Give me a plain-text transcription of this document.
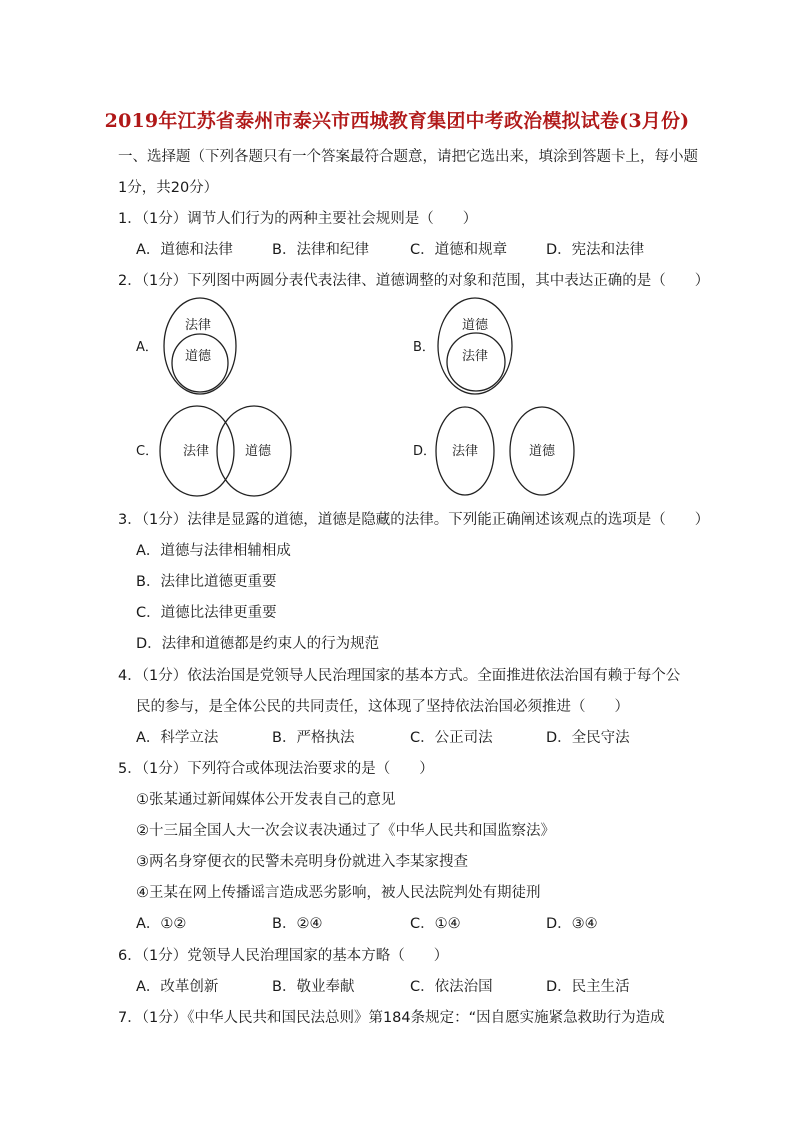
2019年江苏省泰州市泰兴市西城教育集团中考政治模拟试卷(3月份)
一、选择题（下列各题只有一个答案最符合题意，请把它选出来，填涂到答题卡上，每小题
1分，共20分）
1．（1分）调节人们行为的两种主要社会规则是（　　）
A．道德和法律	B．法律和纪律	C．道德和规章	D．宪法和法律
2．（1分）下列图中两圆分表代表法律、道德调整的对象和范围，其中表达正确的是（　　）
A．
法律
道德
B．
道德
法律
C． 法律	道德	D． 法律	道德
3．（1分）法律是显露的道德，道德是隐藏的法律。下列能正确阐述该观点的选项是（　　）
A．道德与法律相辅相成
B．法律比道德更重要
C．道德比法律更重要
D．法律和道德都是约束人的行为规范
4．（1分）依法治国是党领导人民治理国家的基本方式。全面推进依法治国有赖于每个公
民的参与，是全体公民的共同责任，这体现了坚持依法治国必须推进（　　）
A．科学立法	B．严格执法	C．公正司法	D．全民守法
5．（1分）下列符合或体现法治要求的是（　　）
①张某通过新闻媒体公开发表自己的意见
②十三届全国人大一次会议表决通过了《中华人民共和国监察法》
③两名身穿便衣的民警未亮明身份就进入李某家搜查
④王某在网上传播谣言造成恶劣影响，被人民法院判处有期徒刑
A．①②	B．②④	C．①④	D．③④
6．（1分）党领导人民治理国家的基本方略（　　）
A．改革创新	B．敬业奉献	C．依法治国	D．民主生活
7．（1分）《中华人民共和国民法总则》第184条规定：“因自愿实施紧急救助行为造成
